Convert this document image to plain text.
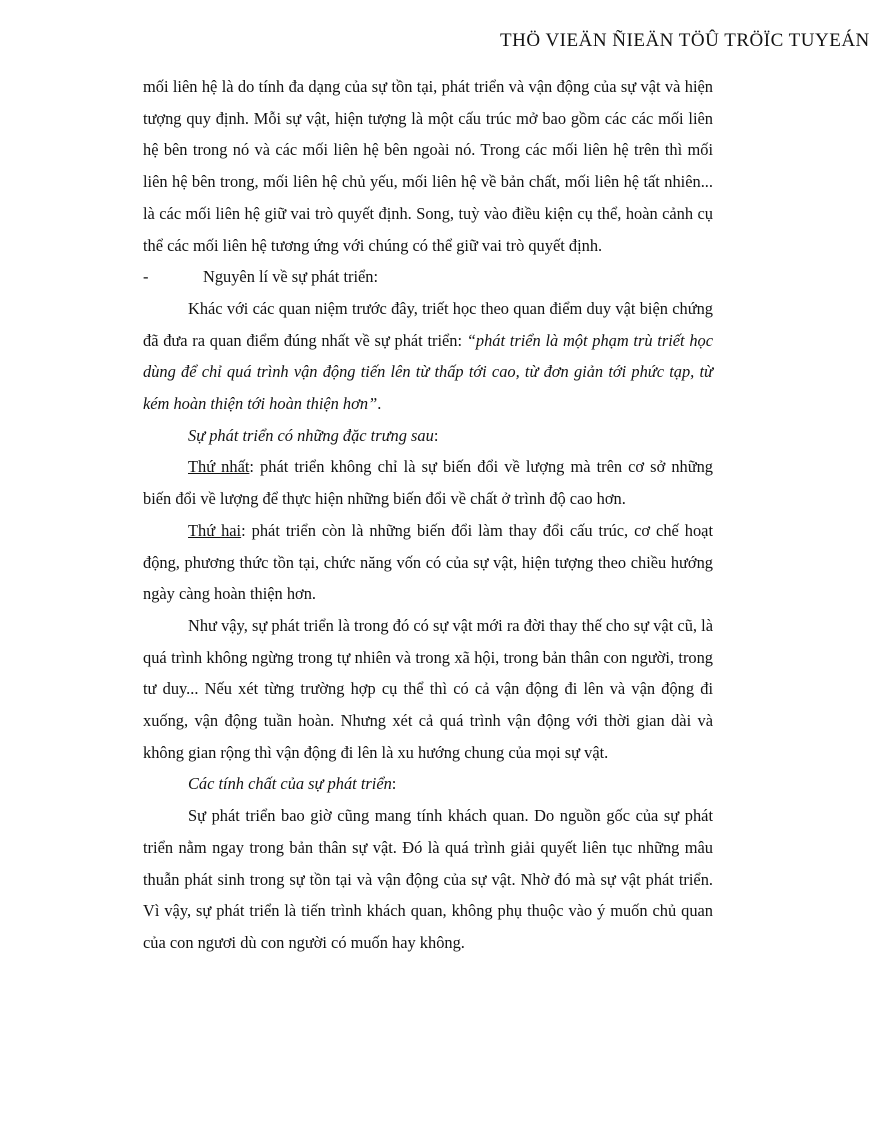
THÖ VIEÄN ÑIEÄN TÖÛ TRÖÏC TUYEÁN

mối liên hệ là do tính đa dạng của sự tồn tại, phát triển và vận động của sự vật và hiện tượng quy định. Mỗi sự vật, hiện tượng là một cấu trúc mở bao gồm các các mối liên hệ bên trong nó và các mối liên hệ bên ngoài nó. Trong các mối liên hệ trên thì mối liên hệ bên trong, mối liên hệ chủ yếu, mối liên hệ về bản chất, mối liên hệ tất nhiên... là các mối liên hệ giữ vai trò quyết định. Song, tuỳ vào điều kiện cụ thể, hoàn cảnh cụ thể các mối liên hệ tương ứng với chúng có thể giữ vai trò quyết định.

-	Nguyên lí về sự phát triển:

Khác với các quan niệm trước đây, triết học theo quan điểm duy vật biện chứng đã đưa ra quan điểm đúng nhất về sự phát triển: “phát triển là một phạm trù triết học dùng để chỉ quá trình vận động tiến lên từ thấp tới cao, từ đơn giản tới phức tạp, từ kém hoàn thiện tới hoàn thiện hơn”.

Sự phát triển có những đặc trưng sau:

Thứ nhất: phát triển không chỉ là sự biến đổi về lượng mà trên cơ sở những biến đổi về lượng để thực hiện những biến đổi về chất ở trình độ cao hơn.

Thứ hai: phát triển còn là những biến đổi làm thay đổi cấu trúc, cơ chế hoạt động, phương thức tồn tại, chức năng vốn có của sự vật, hiện tượng theo chiều hướng ngày càng hoàn thiện hơn.

Như vậy, sự phát triển là trong đó có sự vật mới ra đời thay thế cho sự vật cũ, là quá trình không ngừng trong tự nhiên và trong xã hội, trong bản thân con người, trong tư duy... Nếu xét từng trường hợp cụ thể thì có cả vận động đi lên và vận động đi xuống, vận động tuần hoàn. Nhưng xét cả quá trình vận động với thời gian dài và không gian rộng thì vận động đi lên là xu hướng chung của mọi sự vật.

Các tính chất của sự phát triển:

Sự phát triển bao giờ cũng mang tính khách quan. Do nguồn gốc của sự phát triển nằm ngay trong bản thân sự vật. Đó là quá trình giải quyết liên tục những mâu thuẫn phát sinh trong sự tồn tại và vận động của sự vật. Nhờ đó mà sự vật phát triển. Vì vậy, sự phát triển là tiến trình khách quan, không phụ thuộc vào ý muốn chủ quan của con ngươi dù con người có muốn hay không.
